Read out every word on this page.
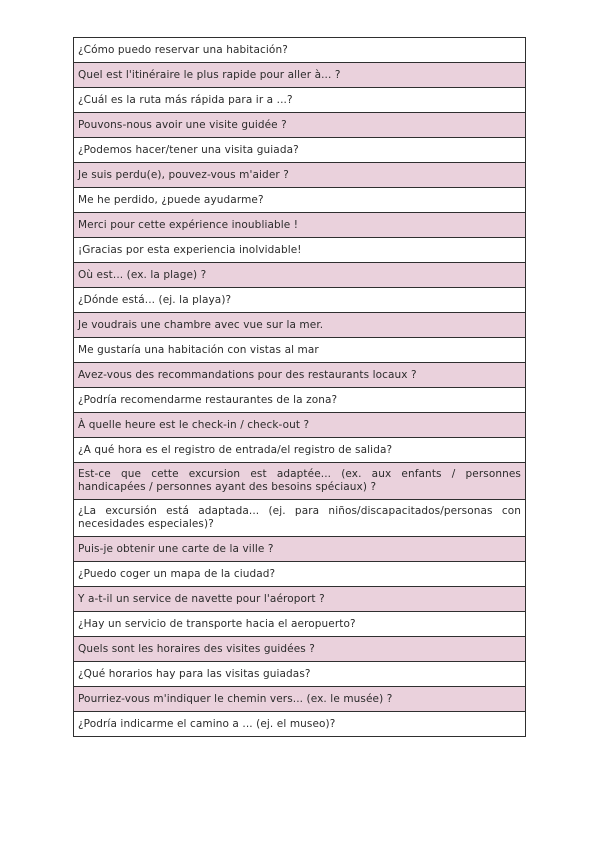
¿Cómo puedo reservar una habitación?
Quel est l'itinéraire le plus rapide pour aller à... ?
¿Cuál es la ruta más rápida para ir a ...?
Pouvons-nous avoir une visite guidée ?
¿Podemos hacer/tener una visita guiada?
Je suis perdu(e), pouvez-vous m'aider ?
Me he perdido, ¿puede ayudarme?
Merci pour cette expérience inoubliable !
¡Gracias por esta experiencia inolvidable!
Où est... (ex. la plage) ?
¿Dónde está... (ej. la playa)?
Je voudrais une chambre avec vue sur la mer.
Me gustaría una habitación con vistas al mar
Avez-vous des recommandations pour des restaurants locaux ?
¿Podría recomendarme restaurantes de la zona?
À quelle heure est le check-in / check-out ?
¿A qué hora es el registro de entrada/el registro de salida?
Est-ce que cette excursion est adaptée... (ex. aux enfants / personnes handicapées / personnes ayant des besoins spéciaux) ?
¿La excursión está adaptada... (ej. para niños/discapacitados/personas con necesidades especiales)?
Puis-je obtenir une carte de la ville ?
¿Puedo coger un mapa de la ciudad?
Y a-t-il un service de navette pour l'aéroport ?
¿Hay un servicio de transporte hacia el aeropuerto?
Quels sont les horaires des visites guidées ?
¿Qué horarios hay para las visitas guiadas?
Pourriez-vous m'indiquer le chemin vers... (ex. le musée) ?
¿Podría indicarme el camino a ... (ej. el museo)?
